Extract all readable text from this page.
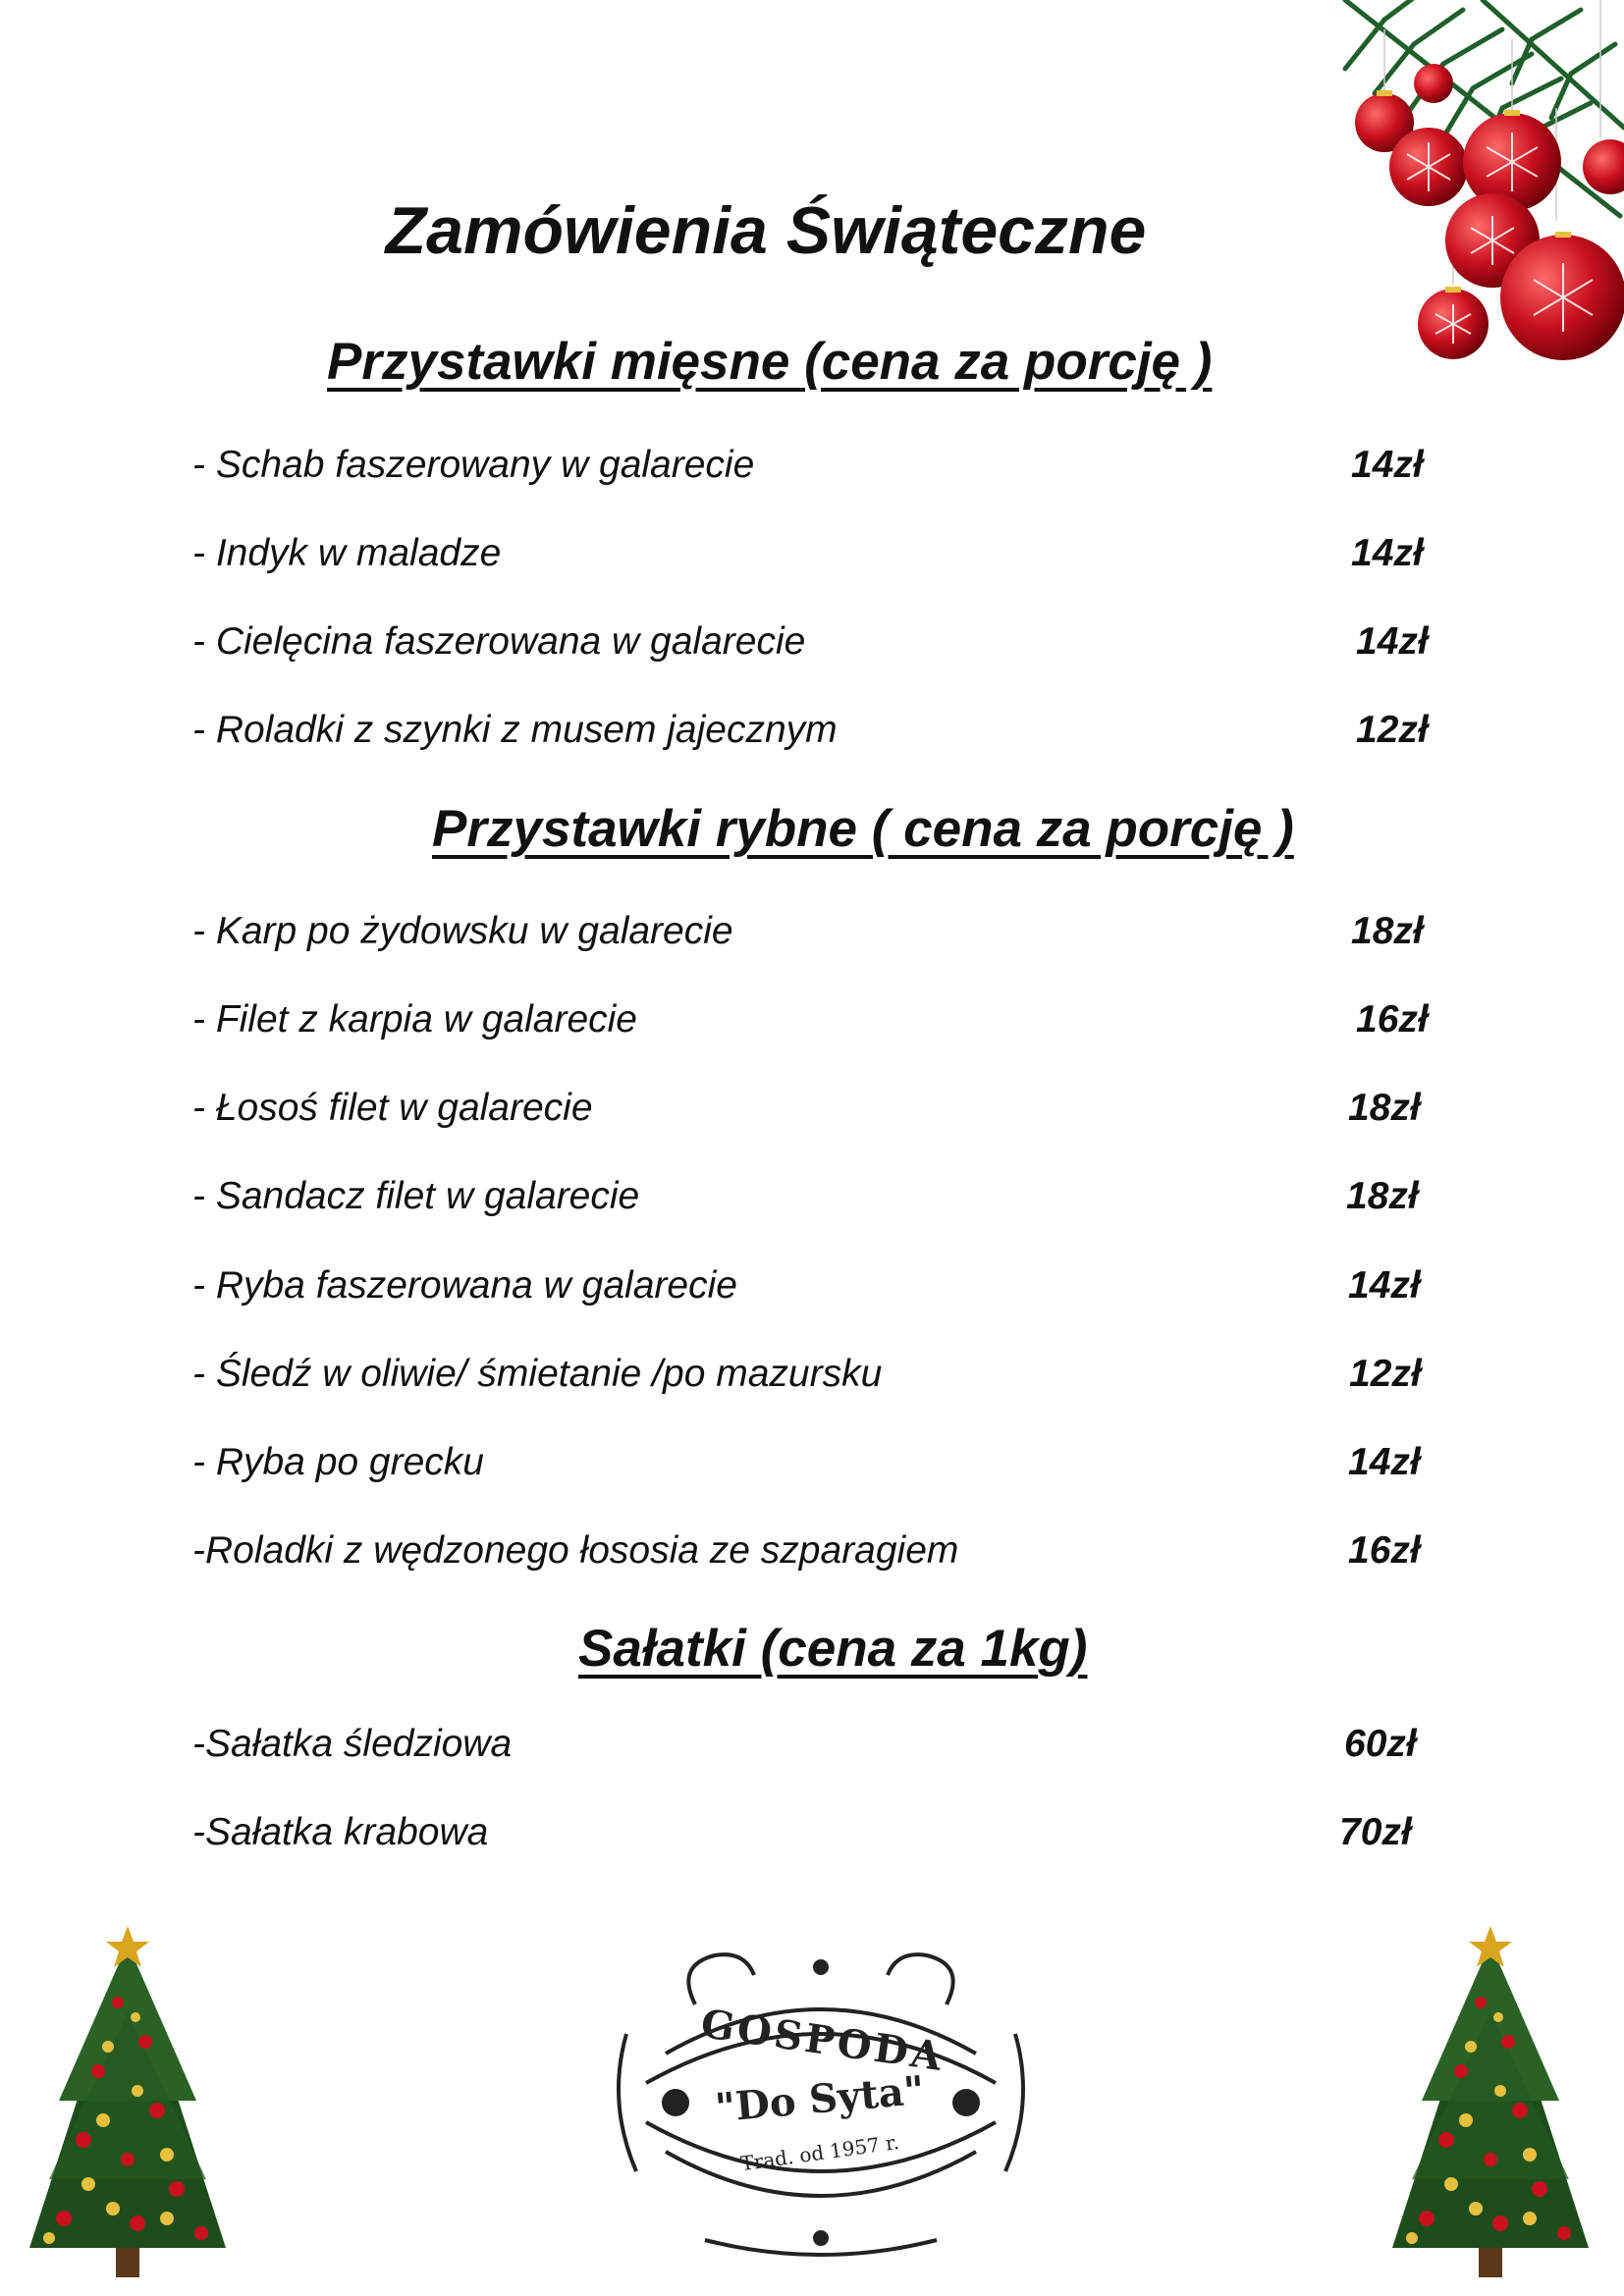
Zamówienia Świąteczne
Przystawki mięsne (cena za porcję )
- Schab faszerowany w galarecie	14zł
- Indyk w maladze	14zł
- Cielęcina faszerowana w galarecie	14zł
- Roladki z szynki z musem jajecznym	12zł
Przystawki rybne ( cena za porcję )
- Karp po żydowsku w galarecie	18zł
- Filet z karpia w galarecie	16zł
- Łosoś filet w galarecie	18zł
- Sandacz filet w galarecie	18zł
- Ryba faszerowana w galarecie	14zł
- Śledź w oliwie/ śmietanie /po mazursku	12zł
- Ryba po grecku	14zł
-Roladki z wędzonego łososia ze szparagiem	16zł
Sałatki (cena za 1kg)
-Sałatka śledziowa	60zł
-Sałatka krabowa	70zł
GOSPODA
"Do Syta"
Trad. od 1957 r.
